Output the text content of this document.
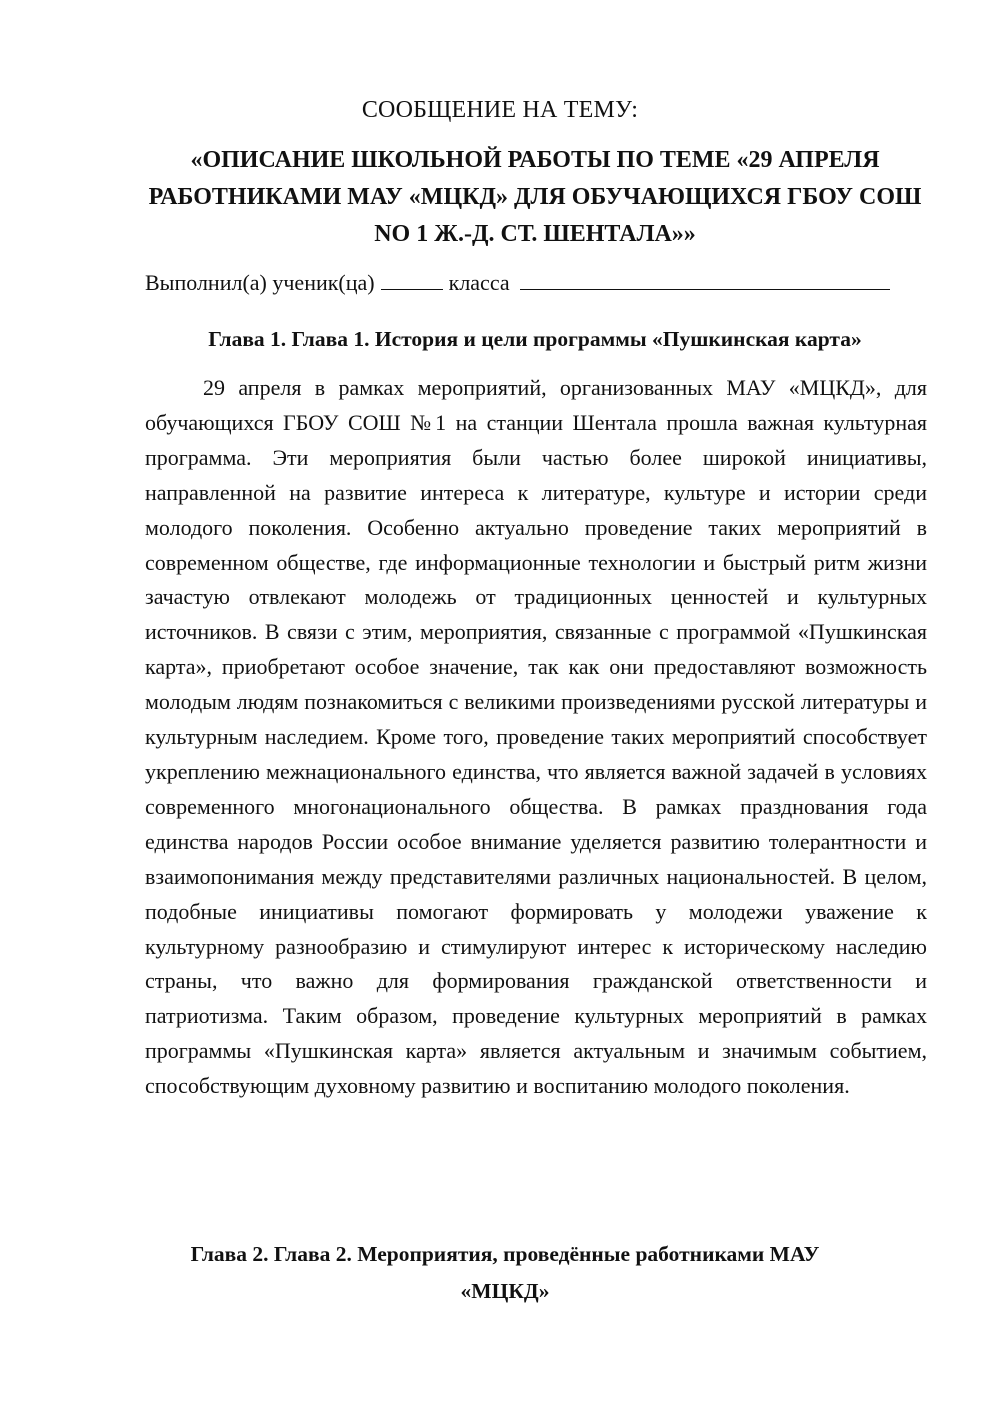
СООБЩЕНИЕ НА ТЕМУ:
«ОПИСАНИЕ ШКОЛЬНОЙ РАБОТЫ ПО ТЕМЕ «29 АПРЕЛЯ
РАБОТНИКАМИ МАУ «МЦКД» ДЛЯ ОБУЧАЮЩИХСЯ ГБОУ СОШ
NO 1 Ж.-Д. СТ. ШЕНТАЛА»»
Выполнил(а) ученик(ца)	класса
Глава 1. Глава 1. История и цели программы «Пушкинская карта»

29 апреля в рамках мероприятий, организованных МАУ «МЦКД», для обучающихся ГБОУ СОШ №1 на станции Шентала прошла важная культурная программа. Эти мероприятия были частью более широкой инициативы, направленной на развитие интереса к литературе, культуре и истории среди молодого поколения. Особенно актуально проведение таких мероприятий в современном обществе, где информационные технологии и быстрый ритм жизни зачастую отвлекают молодежь от традиционных ценностей и культурных источников. В связи с этим, мероприятия, связанные с программой «Пушкинская карта», приобретают особое значение, так как они предоставляют возможность молодым людям познакомиться с великими произведениями русской литературы и культурным наследием. Кроме того, проведение таких мероприятий способствует укреплению межнационального единства, что является важной задачей в условиях современного многонационального общества. В рамках празднования года единства народов России особое внимание уделяется развитию толерантности и взаимопонимания между представителями различных национальностей. В целом, подобные инициативы помогают формировать у молодежи уважение к культурному разнообразию и стимулируют интерес к историческому наследию страны, что важно для формирования гражданской ответственности и патриотизма. Таким образом, проведение культурных мероприятий в рамках программы «Пушкинская карта» является актуальным и значимым событием, способствующим духовному развитию и воспитанию молодого поколения.

Глава 2. Глава 2. Мероприятия, проведённые работниками МАУ
«МЦКД»
